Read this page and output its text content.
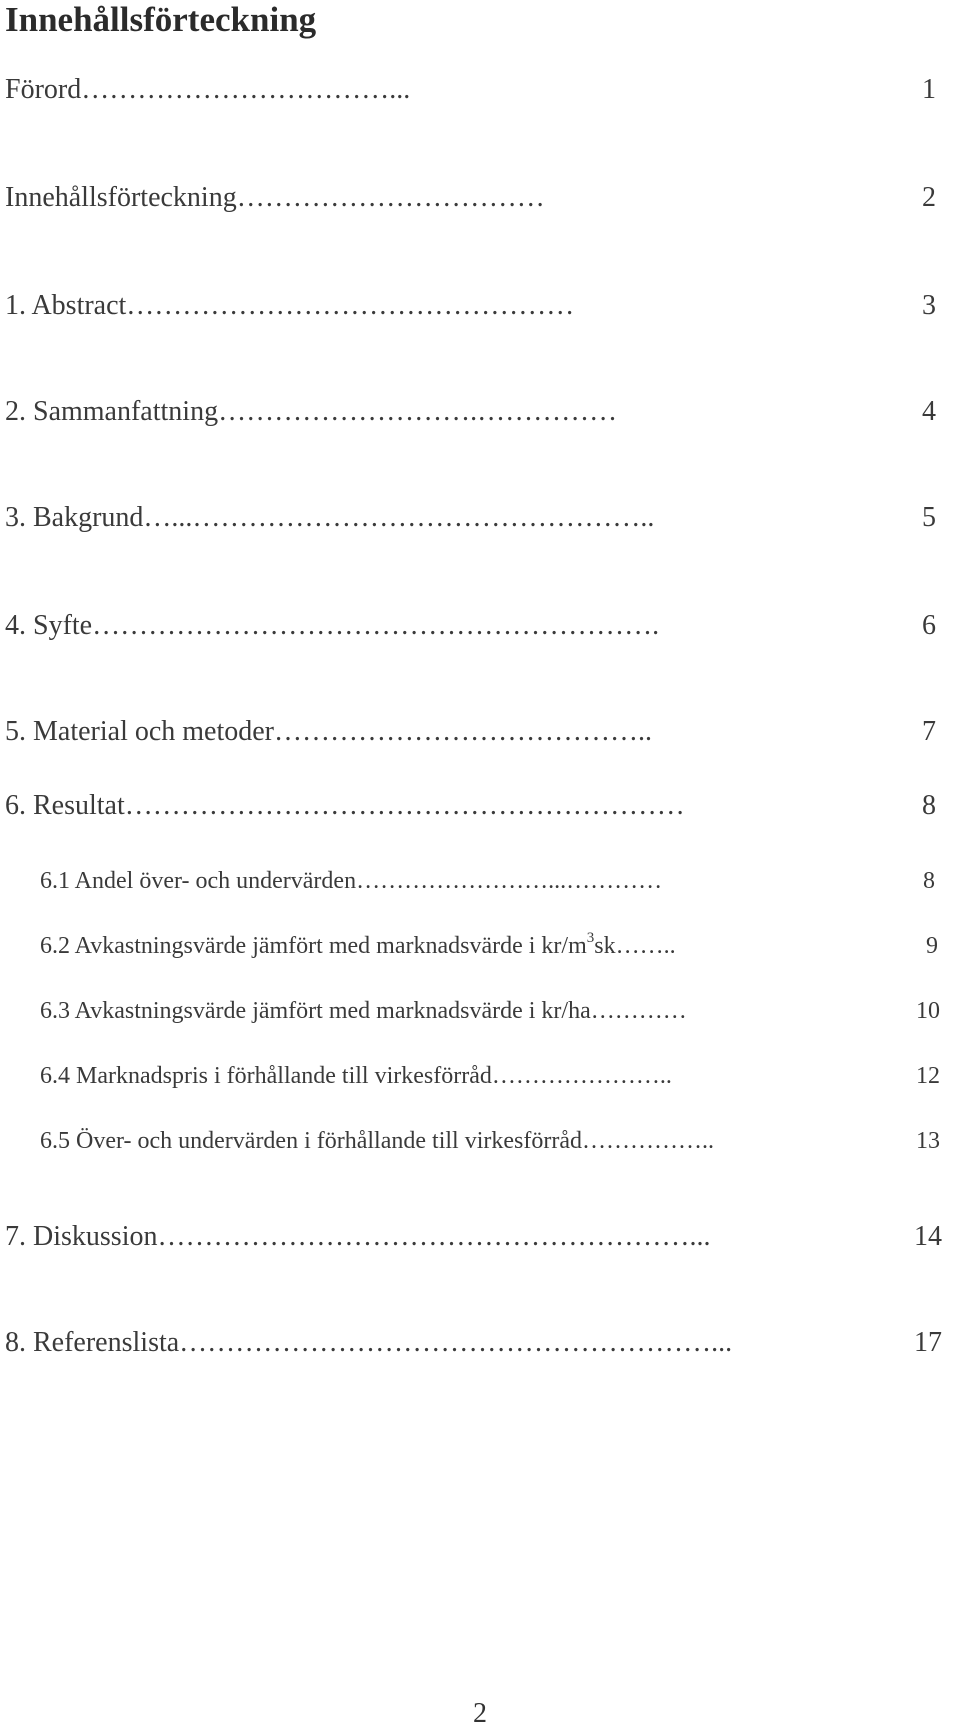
Innehållsförteckning
Förord……………………………...	1
Innehållsförteckning……………………………	2
1. Abstract…………………………………………	3
2. Sammanfattning……………………….……………	4
3. Bakgrund…...…………………………………………..	5
4. Syfte…………………………………………………….	6
5. Material och metoder…………………………………..	7
6. Resultat……………………………………………………	8
6.1 Andel över- och undervärden……………………...…………	8
6.2 Avkastningsvärde jämfört med marknadsvärde i $kr/m^3sk\dots\dots$..	9
6.3 Avkastningsvärde jämfört med marknadsvärde i kr/ha…………	10
6.4 Marknadspris i förhållande till virkesförråd…………………..	12
6.5 Över- och undervärden i förhållande till virkesförråd……………..	13
7. Diskussion…………………………………………………...	14
8. Referenslista…………………………………………………...	17
2
